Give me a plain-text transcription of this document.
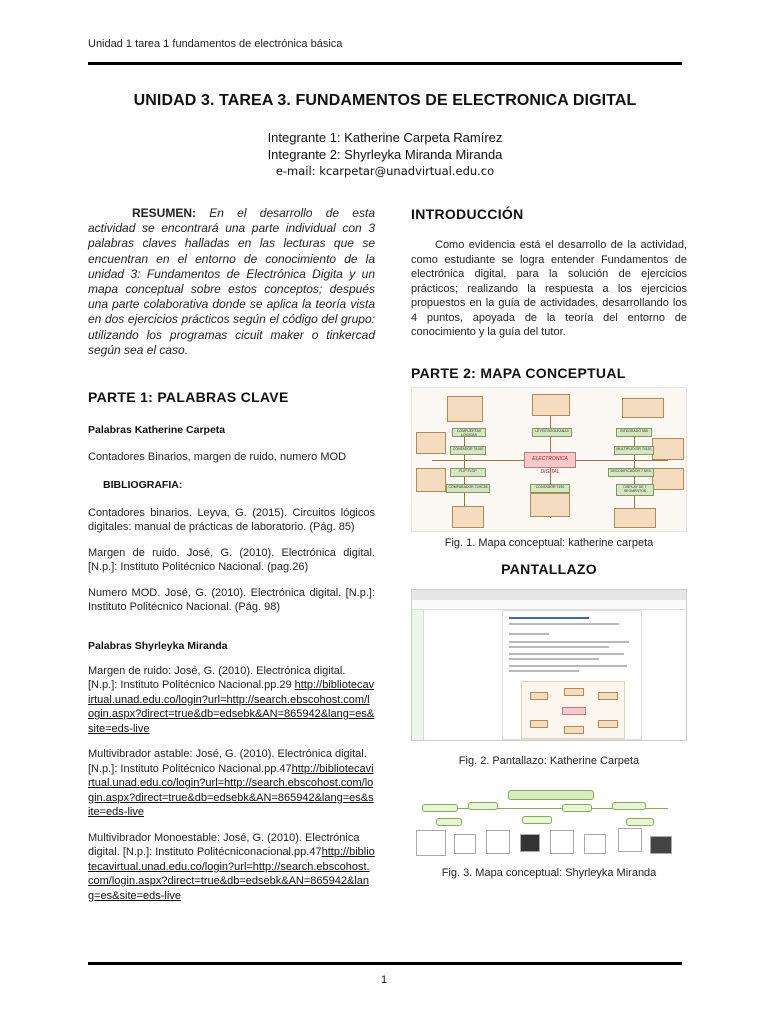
Unidad 1 tarea 1 fundamentos de electrónica básica
UNIDAD 3. TAREA 3. FUNDAMENTOS DE ELECTRONICA DIGITAL
Integrante 1: Katherine Carpeta Ramírez
Integrante 2: Shyrleyka Miranda Miranda
e-mail: kcarpetar@unadvirtual.edu.co

RESUMEN: En el desarrollo de esta actividad se encontrará una parte individual con 3 palabras claves halladas en las lecturas que se encuentran en el entorno de conocimiento de la unidad 3: Fundamentos de Electrónica Digita y un mapa conceptual sobre estos conceptos; después una parte colaborativa donde se aplica la teoría vista en dos ejercicios prácticos según el código del grupo: utilizando los programas cicuit maker o tinkercad según sea el caso.

PARTE 1: PALABRAS CLAVE
Palabras Katherine Carpeta
Contadores Binarios, margen de ruido, numero MOD
BIBLIOGRAFIA:
Contadores binarios. Leyva, G. (2015). Circuitos lógicos digitales: manual de prácticas de laboratorio. (Pág. 85)
Margen de ruido. José, G. (2010). Electrónica digital. [N.p.]: Instituto Politécnico Nacional. (pag.26)
Numero MOD. José, G. (2010). Electrónica digital. [N.p.]: Instituto Politécnico Nacional. (Pág. 98)
Palabras Shyrleyka Miranda
Margen de ruido: José, G. (2010). Electrónica digital. [N.p.]: Instituto Politécnico Nacional.pp.29 http://bibliotecavirtual.unad.edu.co/login?url=http://search.ebscohost.com/login.aspx?direct=true&db=edsebk&AN=865942&lang=es&site=eds-live
Multivibrador astable: José, G. (2010). Electrónica digital. [N.p.]: Instituto Politécnico Nacional.pp.47http://bibliotecavirtual.unad.edu.co/login?url=http://search.ebscohost.com/login.aspx?direct=true&db=edsebk&AN=865942&lang=es&site=eds-live
Multivibrador Monoestable: José, G. (2010). Electrónica digital. [N.p.]: Instituto Politécniconacional.pp.47http://bibliotecavirtual.unad.edu.co/login?url=http://search.ebscohost.com/login.aspx?direct=true&db=edsebk&AN=865942&lang=es&site=eds-live
INTRODUCCIÓN

Como evidencia está el desarrollo de la actividad, como estudiante se logra entender Fundamentos de electrónica digital, para la solución de ejercicios prácticos; realizando la respuesta a los ejercicios propuestos en la guía de actividades, desarrollando los 4 puntos, apoyada de la teoría del entorno de conocimiento y la guía del tutor.

PARTE 2: MAPA CONCEPTUAL
COMPUERTAS LÓGICAS
LEYES BOOLEANAS	INTEGRADO 555
CONTADOR 74190	MULTIPLEXOR 74151
FLIP FLOP	DECODIFICADOR 7 SEG
COMPARADOR 74HC85	CONTADOR 7490	DISPLAY DE 7 SEGMENTOS
ELECTRONICA DIGITAL
Fig. 1. Mapa conceptual: katherine carpeta
PANTALLAZO
Fig. 2. Pantallazo: Katherine Carpeta
Fig. 3. Mapa conceptual: Shyrleyka Miranda
1
